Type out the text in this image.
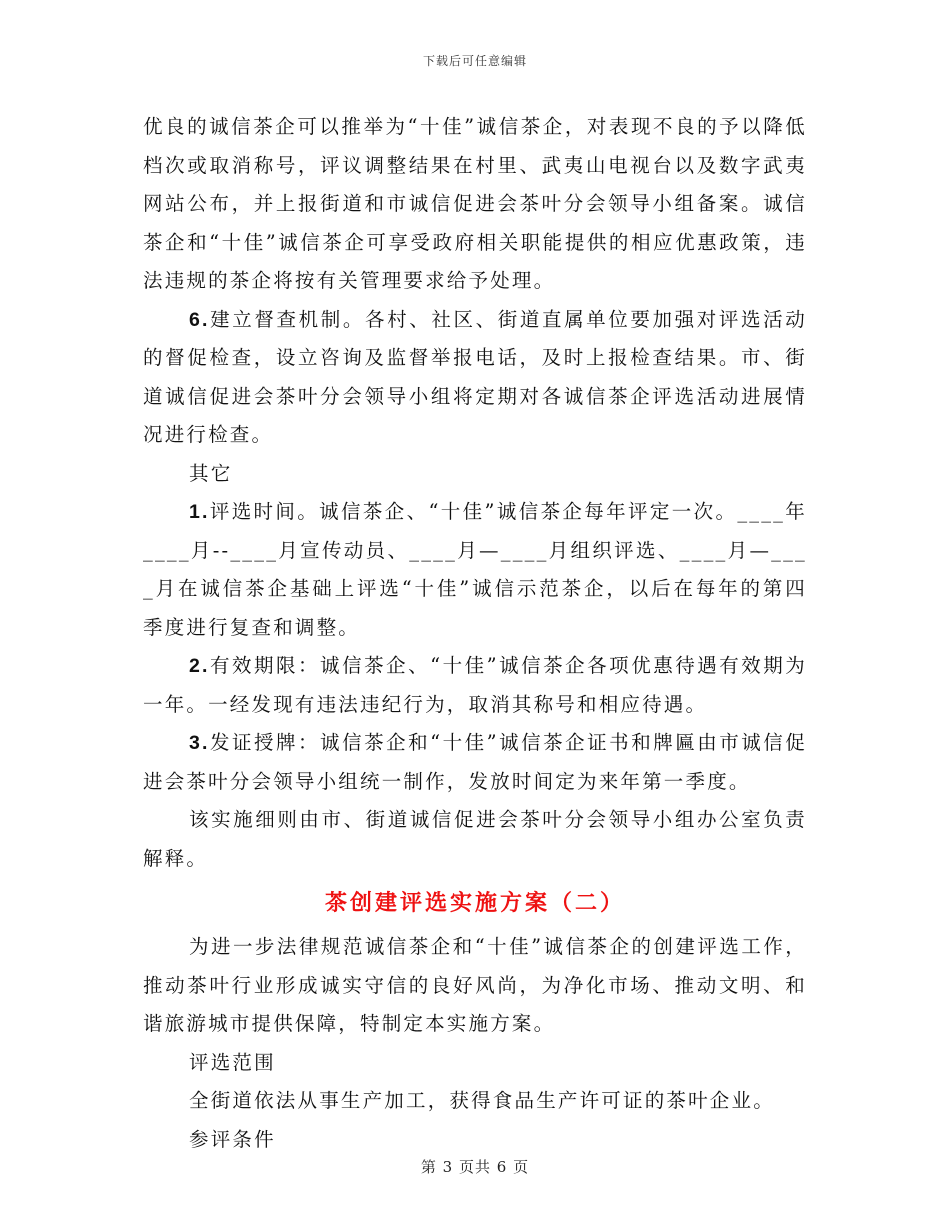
下载后可任意编辑

优良的诚信茶企可以推举为“十佳”诚信茶企，对表现不良的予以降低档次或取消称号，评议调整结果在村里、武夷山电视台以及数字武夷网站公布，并上报街道和市诚信促进会茶叶分会领导小组备案。诚信茶企和“十佳”诚信茶企可享受政府相关职能提供的相应优惠政策，违法违规的茶企将按有关管理要求给予处理。

6.建立督查机制。各村、社区、街道直属单位要加强对评选活动的督促检查，设立咨询及监督举报电话，及时上报检查结果。市、街道诚信促进会茶叶分会领导小组将定期对各诚信茶企评选活动进展情况进行检查。

其它

1.评选时间。诚信茶企、“十佳”诚信茶企每年评定一次。____年____月--____月宣传动员、____月—____月组织评选、____月—____月在诚信茶企基础上评选“十佳”诚信示范茶企，以后在每年的第四季度进行复查和调整。

2.有效期限：诚信茶企、“十佳”诚信茶企各项优惠待遇有效期为一年。一经发现有违法违纪行为，取消其称号和相应待遇。

3.发证授牌：诚信茶企和“十佳”诚信茶企证书和牌匾由市诚信促进会茶叶分会领导小组统一制作，发放时间定为来年第一季度。

该实施细则由市、街道诚信促进会茶叶分会领导小组办公室负责解释。

茶创建评选实施方案（二）

为进一步法律规范诚信茶企和“十佳”诚信茶企的创建评选工作，推动茶叶行业形成诚实守信的良好风尚，为净化市场、推动文明、和谐旅游城市提供保障，特制定本实施方案。

评选范围

全街道依法从事生产加工，获得食品生产许可证的茶叶企业。

参评条件

第 3 页共 6 页
